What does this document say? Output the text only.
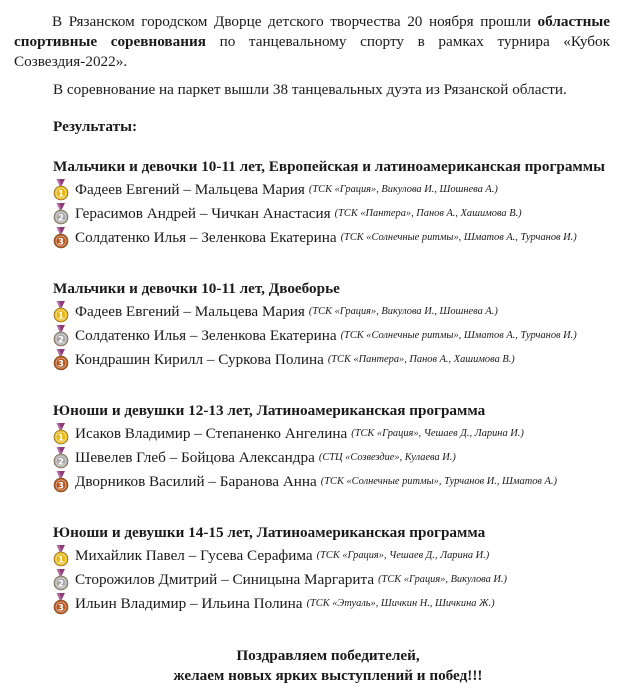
В Рязанском городском Дворце детского творчества 20 ноября прошли областные спортивные соревнования по танцевальному спорту в рамках турнира «Кубок Созвездия-2022».

В соревнование на паркет вышли 38 танцевальных дуэта из Рязанской области.

Результаты:

Мальчики и девочки 10-11 лет, Европейская и латиноамериканская программы
1 Фадеев Евгений – Мальцева Мария (ТСК «Грация», Викулова И., Шошнева А.)
2 Герасимов Андрей – Чичкан Анастасия (ТСК «Пантера», Панов А., Хашимова В.)
3 Солдатенко Илья – Зеленкова Екатерина (ТСК «Солнечные ритмы», Шматов А., Турчанов И.)
Мальчики и девочки 10-11 лет, Двоеборье
1 Фадеев Евгений – Мальцева Мария (ТСК «Грация», Викулова И., Шошнева А.)
2 Солдатенко Илья – Зеленкова Екатерина (ТСК «Солнечные ритмы», Шматов А., Турчанов И.)
3 Кондрашин Кирилл – Суркова Полина (ТСК «Пантера», Панов А., Хашимова В.)
Юноши и девушки 12-13 лет, Латиноамериканская программа
1 Исаков Владимир – Степаненко Ангелина (ТСК «Грация», Чешаев Д., Ларина И.)
2 Шевелев Глеб – Бойцова Александра (СТЦ «Созвездие», Кулаева И.)
3 Дворников Василий – Баранова Анна (ТСК «Солнечные ритмы», Турчанов И., Шматов А.)
Юноши и девушки 14-15 лет, Латиноамериканская программа
1 Михайлик Павел – Гусева Серафима (ТСК «Грация», Чешаев Д., Ларина И.)
2 Сторожилов Дмитрий – Синицына Маргарита (ТСК «Грация», Викулова И.)
3 Ильин Владимир – Ильина Полина (ТСК «Этуаль», Шичкин Н., Шичкина Ж.)
Поздравляем победителей,
желаем новых ярких выступлений и побед!!!
